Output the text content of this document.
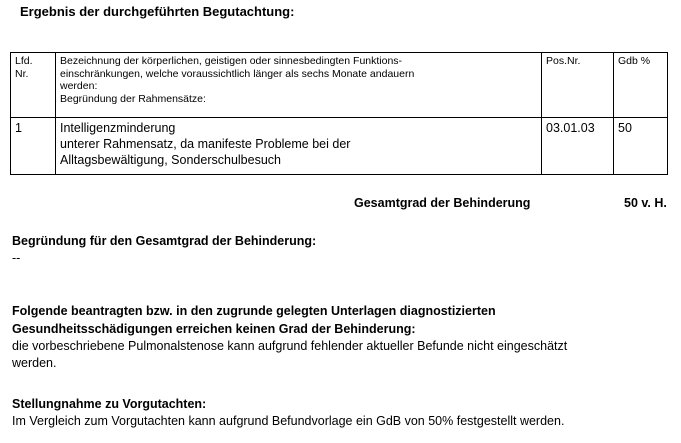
Ergebnis der durchgeführten Begutachtung:
Lfd.
Nr.	Bezeichnung der körperlichen, geistigen oder sinnesbedingten Funktions-
einschränkungen, welche voraussichtlich länger als sechs Monate andauern
werden:
Begründung der Rahmensätze:	Pos.Nr.	Gdb %
1	Intelligenzminderung
unterer Rahmensatz, da manifeste Probleme bei der
Alltagsbewältigung, Sonderschulbesuch	03.01.03	50
Gesamtgrad der Behinderung	50 v. H.
Begründung für den Gesamtgrad der Behinderung:
--
Folgende beantragten bzw. in den zugrunde gelegten Unterlagen diagnostizierten
Gesundheitsschädigungen erreichen keinen Grad der Behinderung:
die vorbeschriebene Pulmonalstenose kann aufgrund fehlender aktueller Befunde nicht eingeschätzt
werden.
Stellungnahme zu Vorgutachten:
Im Vergleich zum Vorgutachten kann aufgrund Befundvorlage ein GdB von 50% festgestellt werden.
